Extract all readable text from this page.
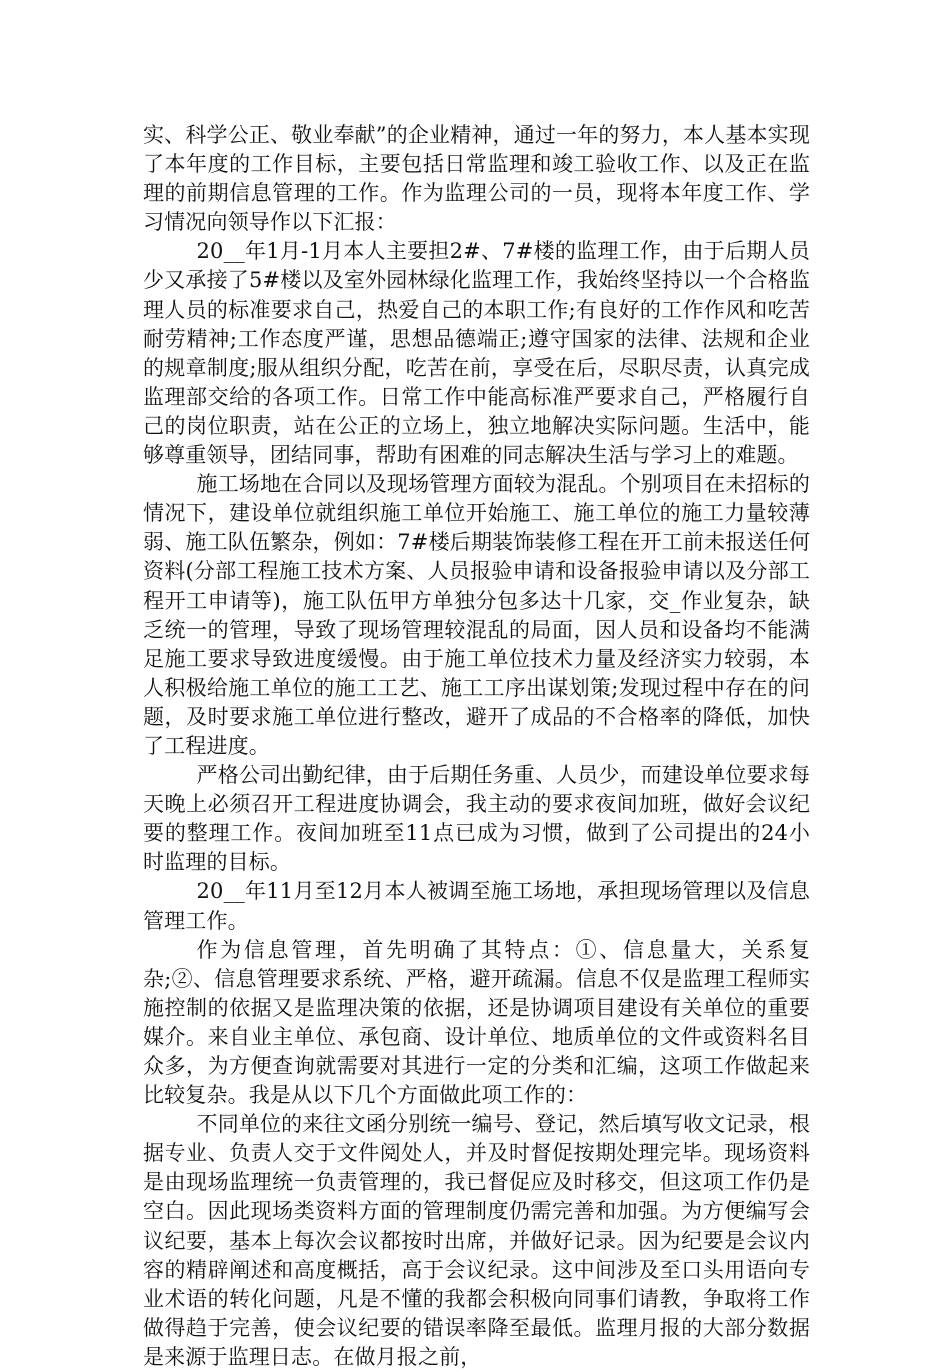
实、科学公正、敬业奉献”的企业精神，通过一年的努力，本人基本实现了本年度的工作目标，主要包括日常监理和竣工验收工作、以及正在监理的前期信息管理的工作。作为监理公司的一员，现将本年度工作、学习情况向领导作以下汇报：

20__年1月-1月本人主要担2#、7#楼的监理工作，由于后期人员少又承接了5#楼以及室外园林绿化监理工作，我始终坚持以一个合格监理人员的标准要求自己，热爱自己的本职工作;有良好的工作作风和吃苦耐劳精神;工作态度严谨，思想品德端正;遵守国家的法律、法规和企业的规章制度;服从组织分配，吃苦在前，享受在后，尽职尽责，认真完成监理部交给的各项工作。日常工作中能高标准严要求自己，严格履行自己的岗位职责，站在公正的立场上，独立地解决实际问题。生活中，能够尊重领导，团结同事，帮助有困难的同志解决生活与学习上的难题。

施工场地在合同以及现场管理方面较为混乱。个别项目在未招标的情况下，建设单位就组织施工单位开始施工、施工单位的施工力量较薄弱、施工队伍繁杂，例如：7#楼后期装饰装修工程在开工前未报送任何资料(分部工程施工技术方案、人员报验申请和设备报验申请以及分部工程开工申请等)，施工队伍甲方单独分包多达十几家，交_作业复杂，缺乏统一的管理，导致了现场管理较混乱的局面，因人员和设备均不能满足施工要求导致进度缓慢。由于施工单位技术力量及经济实力较弱，本人积极给施工单位的施工工艺、施工工序出谋划策;发现过程中存在的问题，及时要求施工单位进行整改，避开了成品的不合格率的降低，加快了工程进度。

严格公司出勤纪律，由于后期任务重、人员少，而建设单位要求每天晚上必须召开工程进度协调会，我主动的要求夜间加班，做好会议纪要的整理工作。夜间加班至11点已成为习惯，做到了公司提出的24小时监理的目标。

20__年11月至12月本人被调至施工场地，承担现场管理以及信息管理工作。

作为信息管理，首先明确了其特点：①、信息量大，关系复杂;②、信息管理要求系统、严格，避开疏漏。信息不仅是监理工程师实施控制的依据又是监理决策的依据，还是协调项目建设有关单位的重要媒介。来自业主单位、承包商、设计单位、地质单位的文件或资料名目众多，为方便查询就需要对其进行一定的分类和汇编，这项工作做起来比较复杂。我是从以下几个方面做此项工作的：

不同单位的来往文函分别统一编号、登记，然后填写收文记录，根据专业、负责人交于文件阅处人，并及时督促按期处理完毕。现场资料是由现场监理统一负责管理的，我已督促应及时移交，但这项工作仍是空白。因此现场类资料方面的管理制度仍需完善和加强。为方便编写会议纪要，基本上每次会议都按时出席，并做好记录。因为纪要是会议内容的精辟阐述和高度概括，高于会议纪录。这中间涉及至口头用语向专业术语的转化问题，凡是不懂的我都会积极向同事们请教，争取将工作做得趋于完善，使会议纪要的错误率降至最低。监理月报的大部分数据是来源于监理日志。在做月报之前，
